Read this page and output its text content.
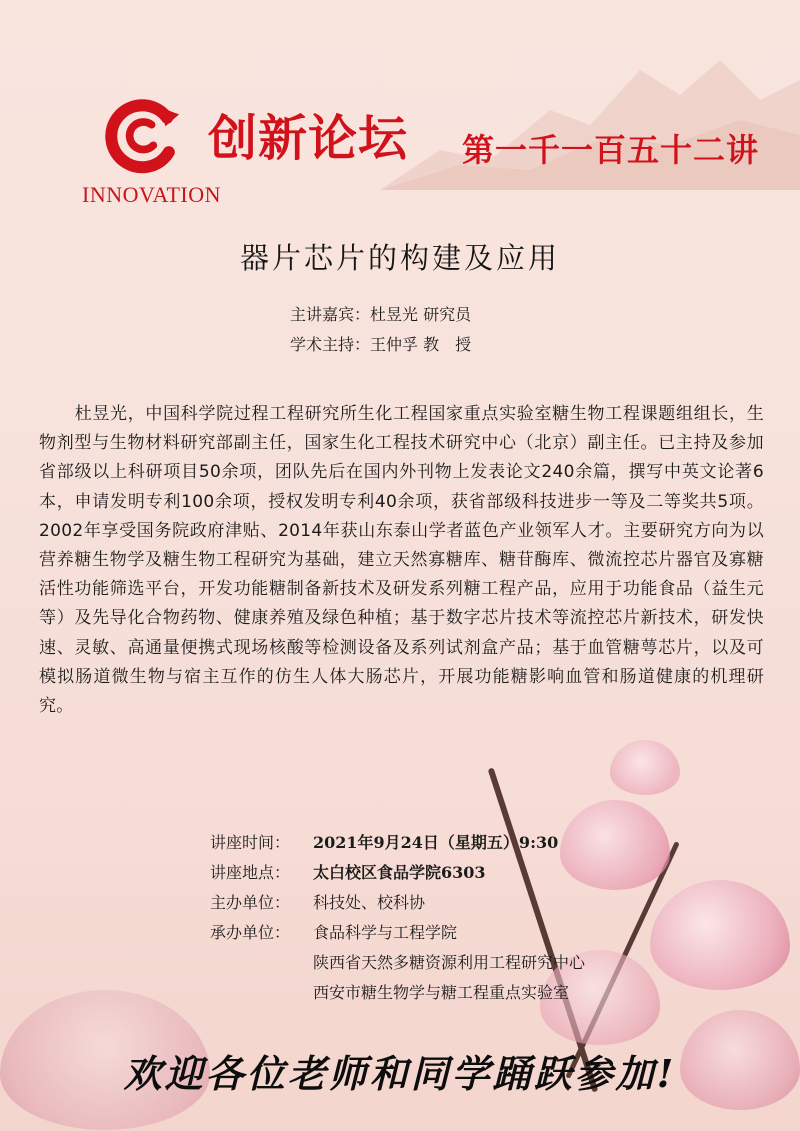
INNOVATION
创新论坛 第一千一百五十二讲
器片芯片的构建及应用
主讲嘉宾：杜昱光 研究员
学术主持：王仲孚 教　授
杜昱光，中国科学院过程工程研究所生化工程国家重点实验室糖生物工程课题组组长，生物剂型与生物材料研究部副主任，国家生化工程技术研究中心（北京）副主任。已主持及参加省部级以上科研项目50余项，团队先后在国内外刊物上发表论文240余篇，撰写中英文论著6本，申请发明专利100余项，授权发明专利40余项，获省部级科技进步一等及二等奖共5项。2002年享受国务院政府津贴、2014年获山东泰山学者蓝色产业领军人才。主要研究方向为以营养糖生物学及糖生物工程研究为基础，建立天然寡糖库、糖苷酶库、微流控芯片器官及寡糖活性功能筛选平台，开发功能糖制备新技术及研发系列糖工程产品，应用于功能食品（益生元等）及先导化合物药物、健康养殖及绿色种植；基于数字芯片技术等流控芯片新技术，研发快速、灵敏、高通量便携式现场核酸等检测设备及系列试剂盒产品；基于血管糖萼芯片，以及可模拟肠道微生物与宿主互作的仿生人体大肠芯片，开展功能糖影响血管和肠道健康的机理研究。
讲座时间：	2021年9月24日（星期五）9:30
讲座地点：	太白校区食品学院6303
主办单位：	科技处、校科协
承办单位：	食品科学与工程学院
陕西省天然多糖资源利用工程研究中心
西安市糖生物学与糖工程重点实验室
欢迎各位老师和同学踊跃参加!
